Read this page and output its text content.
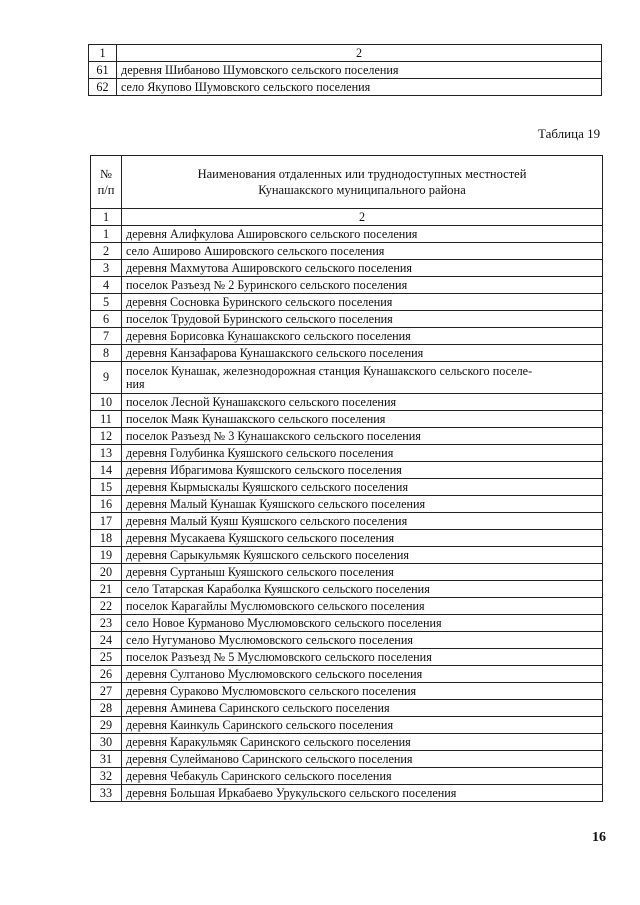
1	2
61	деревня Шибаново Шумовского сельского поселения
62	село Якупово Шумовского сельского поселения
Таблица 19
№
п/п	Наименования отдаленных или труднодоступных местностей
Кунашакского муниципального района
1	2
1	деревня Алифкулова Ашировского сельского поселения
2	село Аширово Ашировского сельского поселения
3	деревня Махмутова Ашировского сельского поселения
4	поселок Разъезд № 2 Буринского сельского поселения
5	деревня Сосновка Буринского сельского поселения
6	поселок Трудовой Буринского сельского поселения
7	деревня Борисовка Кунашакского сельского поселения
8	деревня Канзафарова Кунашакского сельского поселения
9	поселок Кунашак, железнодорожная станция Кунашакского сельского поселе-
ния
10	поселок Лесной Кунашакского сельского поселения
11	поселок Маяк Кунашакского сельского поселения
12	поселок Разъезд № 3 Кунашакского сельского поселения
13	деревня Голубинка Куяшского сельского поселения
14	деревня Ибрагимова Куяшского сельского поселения
15	деревня Кырмыскалы Куяшского сельского поселения
16	деревня Малый Кунашак Куяшского сельского поселения
17	деревня Малый Куяш Куяшского сельского поселения
18	деревня Мусакаева Куяшского сельского поселения
19	деревня Сарыкульмяк Куяшского сельского поселения
20	деревня Суртаныш Куяшского сельского поселения
21	село Татарская Караболка Куяшского сельского поселения
22	поселок Карагайлы Муслюмовского сельского поселения
23	село Новое Курманово Муслюмовского сельского поселения
24	село Нугуманово Муслюмовского сельского поселения
25	поселок Разъезд № 5 Муслюмовского сельского поселения
26	деревня Султаново Муслюмовского сельского поселения
27	деревня Сураково Муслюмовского сельского поселения
28	деревня Аминева Саринского сельского поселения
29	деревня Каинкуль Саринского сельского поселения
30	деревня Каракульмяк Саринского сельского поселения
31	деревня Сулейманово Саринского сельского поселения
32	деревня Чебакуль Саринского сельского поселения
33	деревня Большая Иркабаево Урукульского сельского поселения
16
